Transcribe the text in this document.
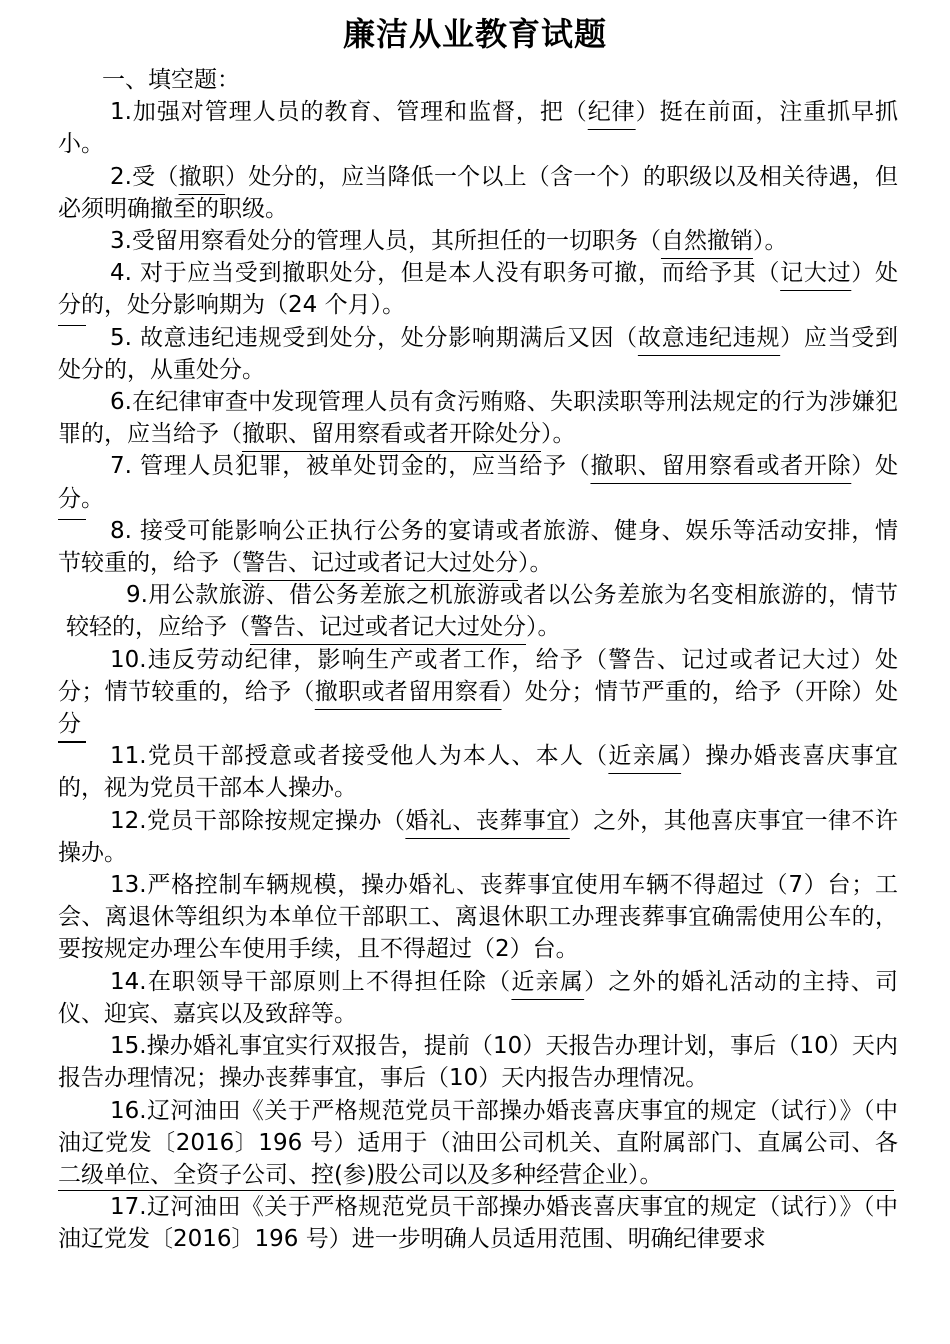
廉洁从业教育试题

一、填空题：

1.加强对管理人员的教育、管理和监督，把（纪律）挺在前面，注重抓早抓小。

2.受（撤职）处分的，应当降低一个以上（含一个）的职级以及相关待遇，但必须明确撤至的职级。

3.受留用察看处分的管理人员，其所担任的一切职务（自然撤销）。

4. 对于应当受到撤职处分，但是本人没有职务可撤，而给予其（记大过）处分的，处分影响期为（24 个月）。

5. 故意违纪违规受到处分，处分影响期满后又因（故意违纪违规）应当受到处分的，从重处分。

6.在纪律审查中发现管理人员有贪污贿赂、失职渎职等刑法规定的行为涉嫌犯罪的，应当给予（撤职、留用察看或者开除处分）。

7. 管理人员犯罪，被单处罚金的，应当给予（撤职、留用察看或者开除）处分。

8. 接受可能影响公正执行公务的宴请或者旅游、健身、娱乐等活动安排，情节较重的，给予（警告、记过或者记大过处分）。

9.用公款旅游、借公务差旅之机旅游或者以公务差旅为名变相旅游的，情节较轻的，应给予（警告、记过或者记大过处分）。

10.违反劳动纪律，影响生产或者工作，给予（警告、记过或者记大过）处分；情节较重的，给予（撤职或者留用察看）处分；情节严重的，给予（开除）处分

11.党员干部授意或者接受他人为本人、本人（近亲属）操办婚丧喜庆事宜的，视为党员干部本人操办。

12.党员干部除按规定操办（婚礼、丧葬事宜）之外，其他喜庆事宜一律不许操办。

13.严格控制车辆规模，操办婚礼、丧葬事宜使用车辆不得超过（7）台；工会、离退休等组织为本单位干部职工、离退休职工办理丧葬事宜确需使用公车的，要按规定办理公车使用手续，且不得超过（2）台。

14.在职领导干部原则上不得担任除（近亲属）之外的婚礼活动的主持、司仪、迎宾、嘉宾以及致辞等。

15.操办婚礼事宜实行双报告，提前（10）天报告办理计划，事后（10）天内报告办理情况；操办丧葬事宜，事后（10）天内报告办理情况。

16.辽河油田《关于严格规范党员干部操办婚丧喜庆事宜的规定（试行）》（中油辽党发〔2016〕196 号）适用于（油田公司机关、直附属部门、直属公司、各二级单位、全资子公司、控(参)股公司以及多种经营企业）。

17.辽河油田《关于严格规范党员干部操办婚丧喜庆事宜的规定（试行）》（中油辽党发〔2016〕196 号）进一步明确人员适用范围、明确纪律要求
